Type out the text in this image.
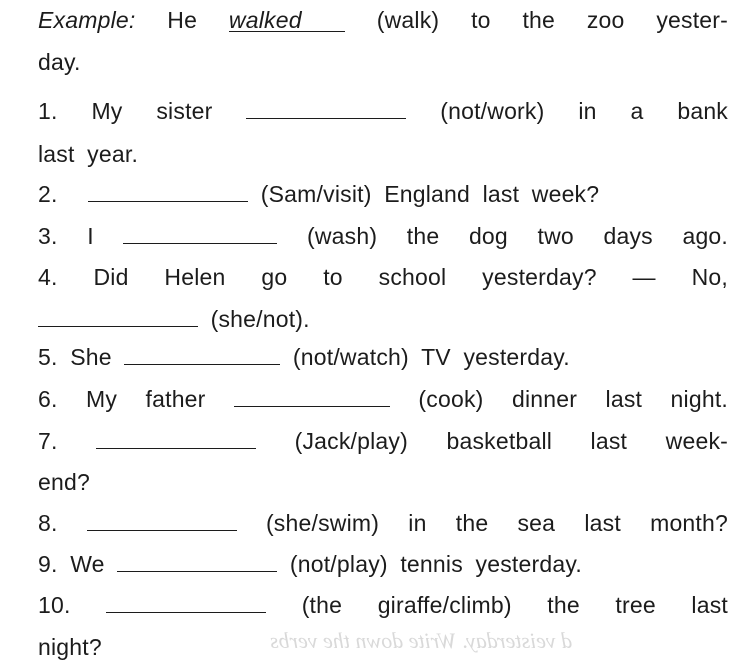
d veisterday. Write down the verbs
Example: He walked	(walk) to the zoo yester-
day.
1. My sister	(not/work) in a bank
last year.
2.	(Sam/visit) England last week?
3. I	(wash) the dog two days ago.
4. Did Helen go to school yesterday? — No,
(she/not).
5. She	(not/watch) TV yesterday.
6. My father	(cook) dinner last night.
7.	(Jack/play) basketball last week-
end?
8.	(she/swim) in the sea last month?
9. We	(not/play) tennis yesterday.
10.	(the giraffe/climb) the tree last
night?
